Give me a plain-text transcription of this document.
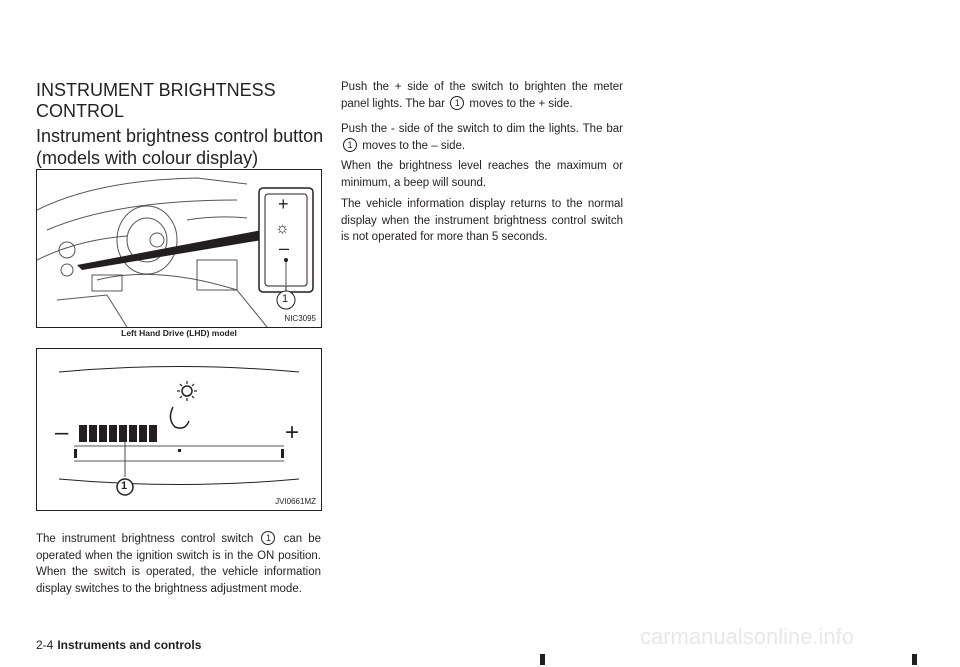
INSTRUMENT BRIGHTNESS CONTROL
Instrument brightness control button (models with colour display)
+
☼
–
1
NIC3095
Left Hand Drive (LHD) model
–	+
1
JVI0661MZ

The instrument brightness control switch 1 can be operated when the ignition switch is in the ON position. When the switch is operated, the vehicle information display switches to the brightness adjustment mode.

Push the + side of the switch to brighten the meter panel lights. The bar 1 moves to the + side.

Push the - side of the switch to dim the lights. The bar 1 moves to the – side.

When the brightness level reaches the maximum or minimum, a beep will sound.

The vehicle information display returns to the normal display when the instrument brightness control switch is not operated for more than 5 seconds.

2-4 Instruments and controls	carmanualsonline.info
